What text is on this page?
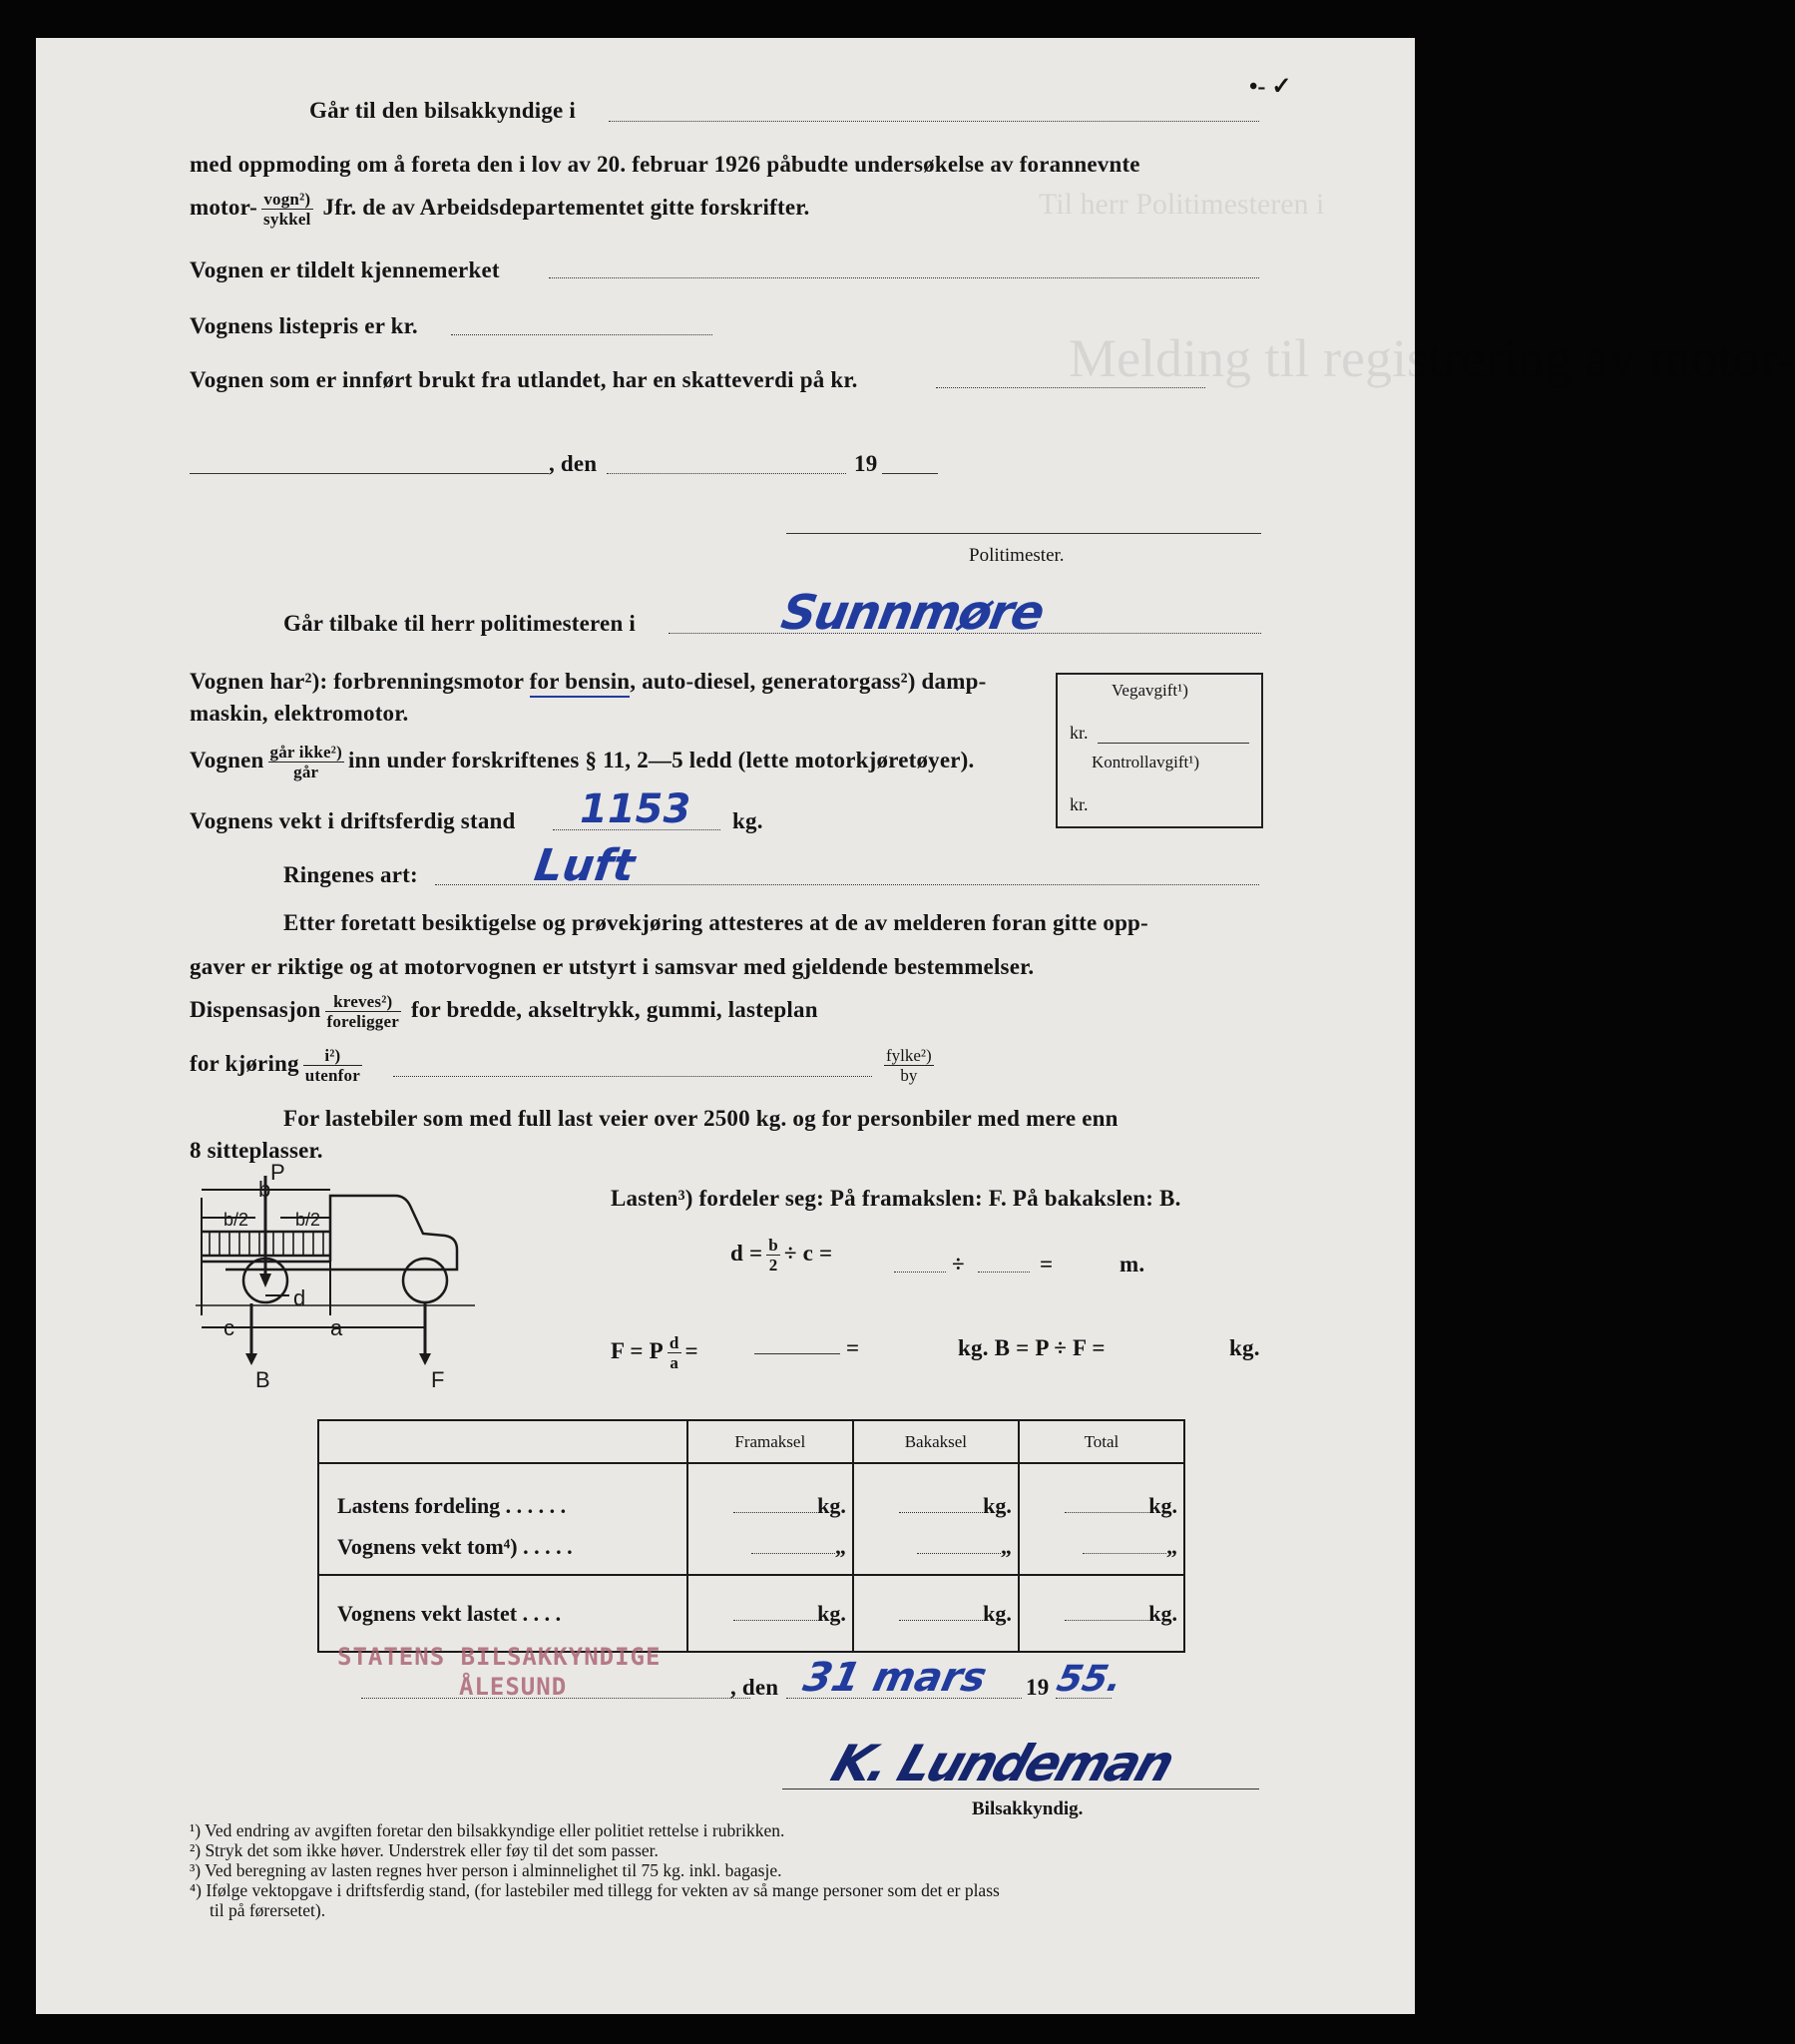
Melding til registrering av motor-
Til herr Politimesteren i
•- ✓
Går til den bilsakkyndige i
med oppmoding om å foreta den i lov av 20. februar 1926 påbudte undersøkelse av forannevnte
motor- $\frac{\text{vogn²)}}{\text{sykkel}}$ Jfr. de av Arbeidsdepartementet gitte forskrifter.
Vognen er tildelt kjennemerket
Vognens listepris er kr.
Vognen som er innført brukt fra utlandet, har en skatteverdi på kr.
, den	19
Politimester.
Går tilbake til herr politimesteren i	Sunnmøre
Vognen har²): forbrenningsmotor for bensin, auto-diesel, generatorgass²) damp-
maskin, elektromotor.
Vognen $\frac{\text{går ikke²)}}{\text{går}}$ inn under forskriftenes § 11, 2—5 ledd (lette motorkjøretøyer).
Vognens vekt i driftsferdig stand 1153 kg.
Vegavgift¹)
kr.
Kontrollavgift¹)
kr.
Ringenes art:	Luft
Etter foretatt besiktigelse og prøvekjøring attesteres at de av melderen foran gitte opp-
gaver er riktige og at motorvognen er utstyrt i samsvar med gjeldende bestemmelser.
Dispensasjon $\frac{\text{kreves²)}}{\text{foreligger}}$ for bredde, akseltrykk, gummi, lasteplan
for kjøring $\frac{\text{i²)}}{\text{utenfor}}$	$\frac{\text{fylke²)}}{by}$
For lastebiler som med full last veier over 2500 kg. og for personbiler med mere enn
8 sitteplasser.
P
b
b/2	b/2
d
c	a
B	F
Lasten³) fordeler seg: På framakslen: F. På bakakslen: B.
$d = \frac{b}{2} \div c$ =	÷	=	m.
F = P $\frac{d}{a}$ =	=	kg. B = P ÷ F =	kg.
	Framaksel	Bakaksel	Total
Lastens fordeling . . . . . .	kg.	kg.	kg.
Vognens vekt tom⁴) . . . . .	„	„	„
Vognens vekt lastet . . . .	kg.	kg.	kg.
STATENS BILSAKKYNDIGE
ÅLESUND	, den 31 mars 19 55.
K. Lundeman
Bilsakkyndig.
¹) Ved endring av avgiften foretar den bilsakkyndige eller politiet rettelse i rubrikken.
²) Stryk det som ikke høver. Understrek eller føy til det som passer.
³) Ved beregning av lasten regnes hver person i alminnelighet til 75 kg. inkl. bagasje.
⁴) Ifølge vektopgave i driftsferdig stand, (for lastebiler med tillegg for vekten av så mange personer som det er plass
til på førersetet).
